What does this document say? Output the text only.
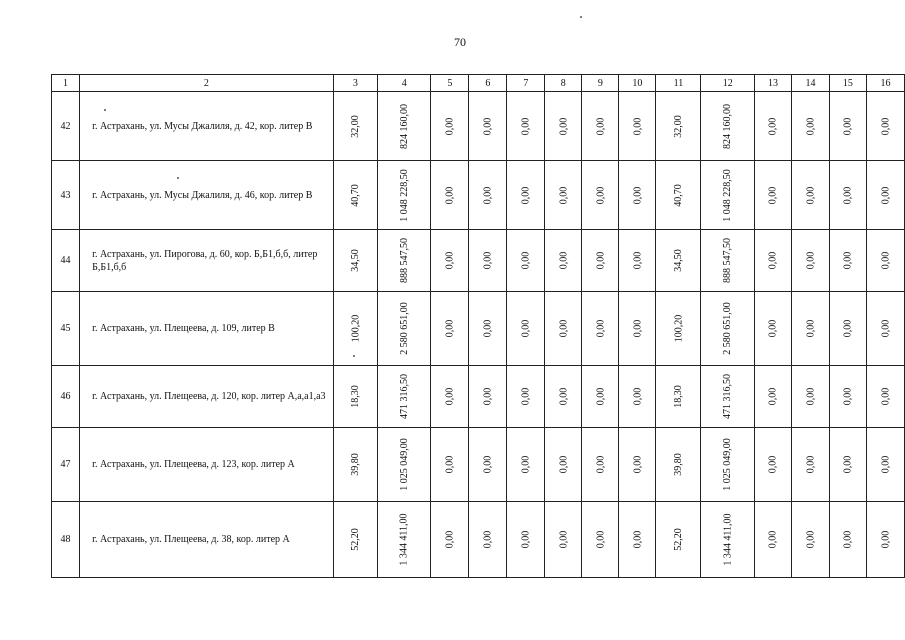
70
1	2	3	4	5	6	7	8	9	10	11	12	13	14	15	16
42	г. Астрахань, ул. Мусы Джалиля, д. 42, кор. литер В	32,00	824 160,00	0,00	0,00	0,00	0,00	0,00	0,00	32,00	824 160,00	0,00	0,00	0,00	0,00
43	г. Астрахань, ул. Мусы Джалиля, д. 46, кор. литер В	40,70	1 048 228,50	0,00	0,00	0,00	0,00	0,00	0,00	40,70	1 048 228,50	0,00	0,00	0,00	0,00
44	г. Астрахань, ул. Пирогова, д. 60, кор. Б,Б1,б,б, литер Б,Б1,б,б	34,50	888 547,50	0,00	0,00	0,00	0,00	0,00	0,00	34,50	888 547,50	0,00	0,00	0,00	0,00
45	г. Астрахань, ул. Плещеева, д. 109, литер В	100,20	2 580 651,00	0,00	0,00	0,00	0,00	0,00	0,00	100,20	2 580 651,00	0,00	0,00	0,00	0,00
46	г. Астрахань, ул. Плещеева, д. 120, кор. литер А,а,а1,а3	18,30	471 316,50	0,00	0,00	0,00	0,00	0,00	0,00	18,30	471 316,50	0,00	0,00	0,00	0,00
47	г. Астрахань, ул. Плещеева, д. 123, кор. литер А	39,80	1 025 049,00	0,00	0,00	0,00	0,00	0,00	0,00	39,80	1 025 049,00	0,00	0,00	0,00	0,00
48	г. Астрахань, ул. Плещеева, д. 38, кор. литер А	52,20	1 344 411,00	0,00	0,00	0,00	0,00	0,00	0,00	52,20	1 344 411,00	0,00	0,00	0,00	0,00
